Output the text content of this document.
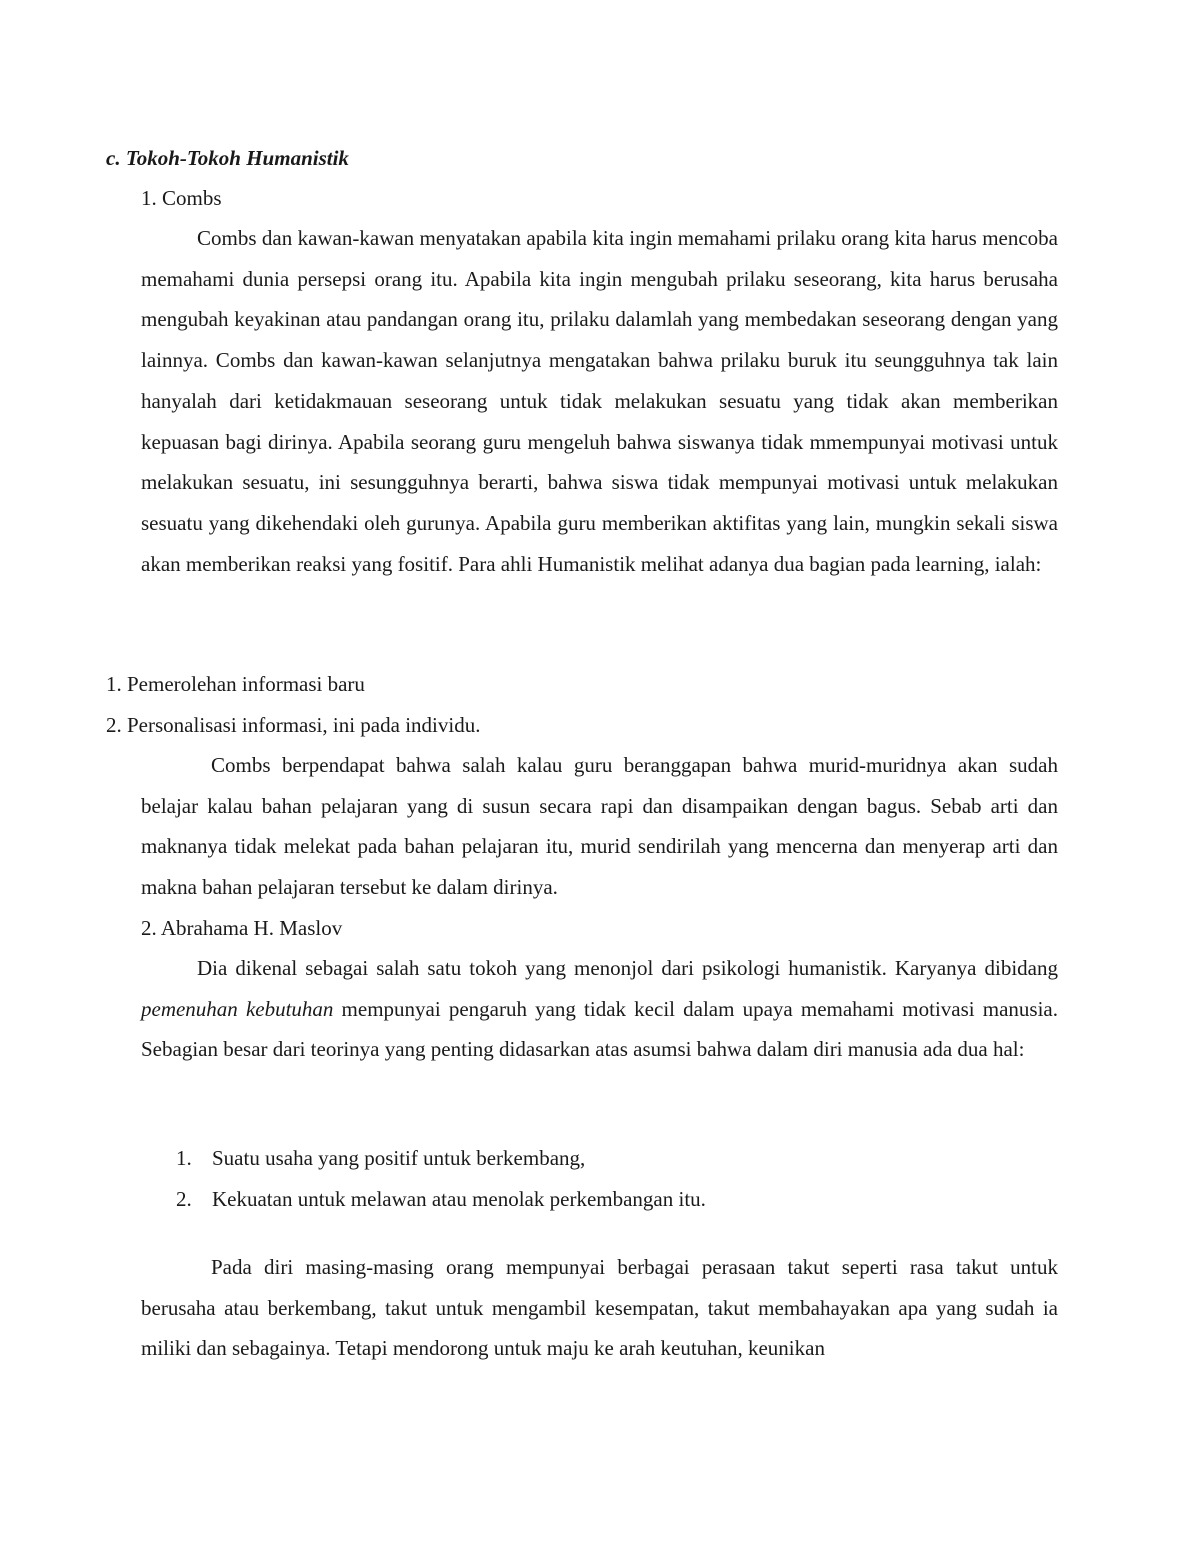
c. Tokoh-Tokoh Humanistik

1. Combs

Combs dan kawan-kawan menyatakan apabila kita ingin memahami prilaku orang kita harus mencoba memahami dunia persepsi orang itu. Apabila kita ingin mengubah prilaku seseorang, kita harus berusaha mengubah keyakinan atau pandangan orang itu, prilaku dalamlah yang membedakan seseorang dengan yang lainnya. Combs dan kawan-kawan selanjutnya mengatakan bahwa prilaku buruk itu seungguhnya tak lain hanyalah dari ketidakmauan seseorang untuk tidak melakukan sesuatu yang tidak akan memberikan kepuasan bagi dirinya. Apabila seorang guru mengeluh bahwa siswanya tidak mmempunyai motivasi untuk melakukan sesuatu, ini sesungguhnya berarti, bahwa siswa tidak mempunyai motivasi untuk melakukan sesuatu yang dikehendaki oleh gurunya. Apabila guru memberikan aktifitas yang lain, mungkin sekali siswa akan memberikan reaksi yang fositif. Para ahli Humanistik melihat adanya dua bagian pada learning, ialah:

1. Pemerolehan informasi baru

2. Personalisasi informasi, ini pada individu.

Combs berpendapat bahwa salah kalau guru beranggapan bahwa murid-muridnya akan sudah belajar kalau bahan pelajaran yang di susun secara rapi dan disampaikan dengan bagus. Sebab arti dan maknanya tidak melekat pada bahan pelajaran itu, murid sendirilah yang mencerna dan menyerap arti dan makna bahan pelajaran tersebut ke dalam dirinya.

2. Abrahama H. Maslov

Dia dikenal sebagai salah satu tokoh yang menonjol dari psikologi humanistik. Karyanya dibidang pemenuhan kebutuhan mempunyai pengaruh yang tidak kecil dalam upaya memahami motivasi manusia. Sebagian besar dari teorinya yang penting didasarkan atas asumsi bahwa dalam diri manusia ada dua hal:

1. Suatu usaha yang positif untuk berkembang,
2. Kekuatan untuk melawan atau menolak perkembangan itu.

Pada diri masing-masing orang mempunyai berbagai perasaan takut seperti rasa takut untuk berusaha atau berkembang, takut untuk mengambil kesempatan, takut membahayakan apa yang sudah ia miliki dan sebagainya. Tetapi mendorong untuk maju ke arah keutuhan, keunikan
